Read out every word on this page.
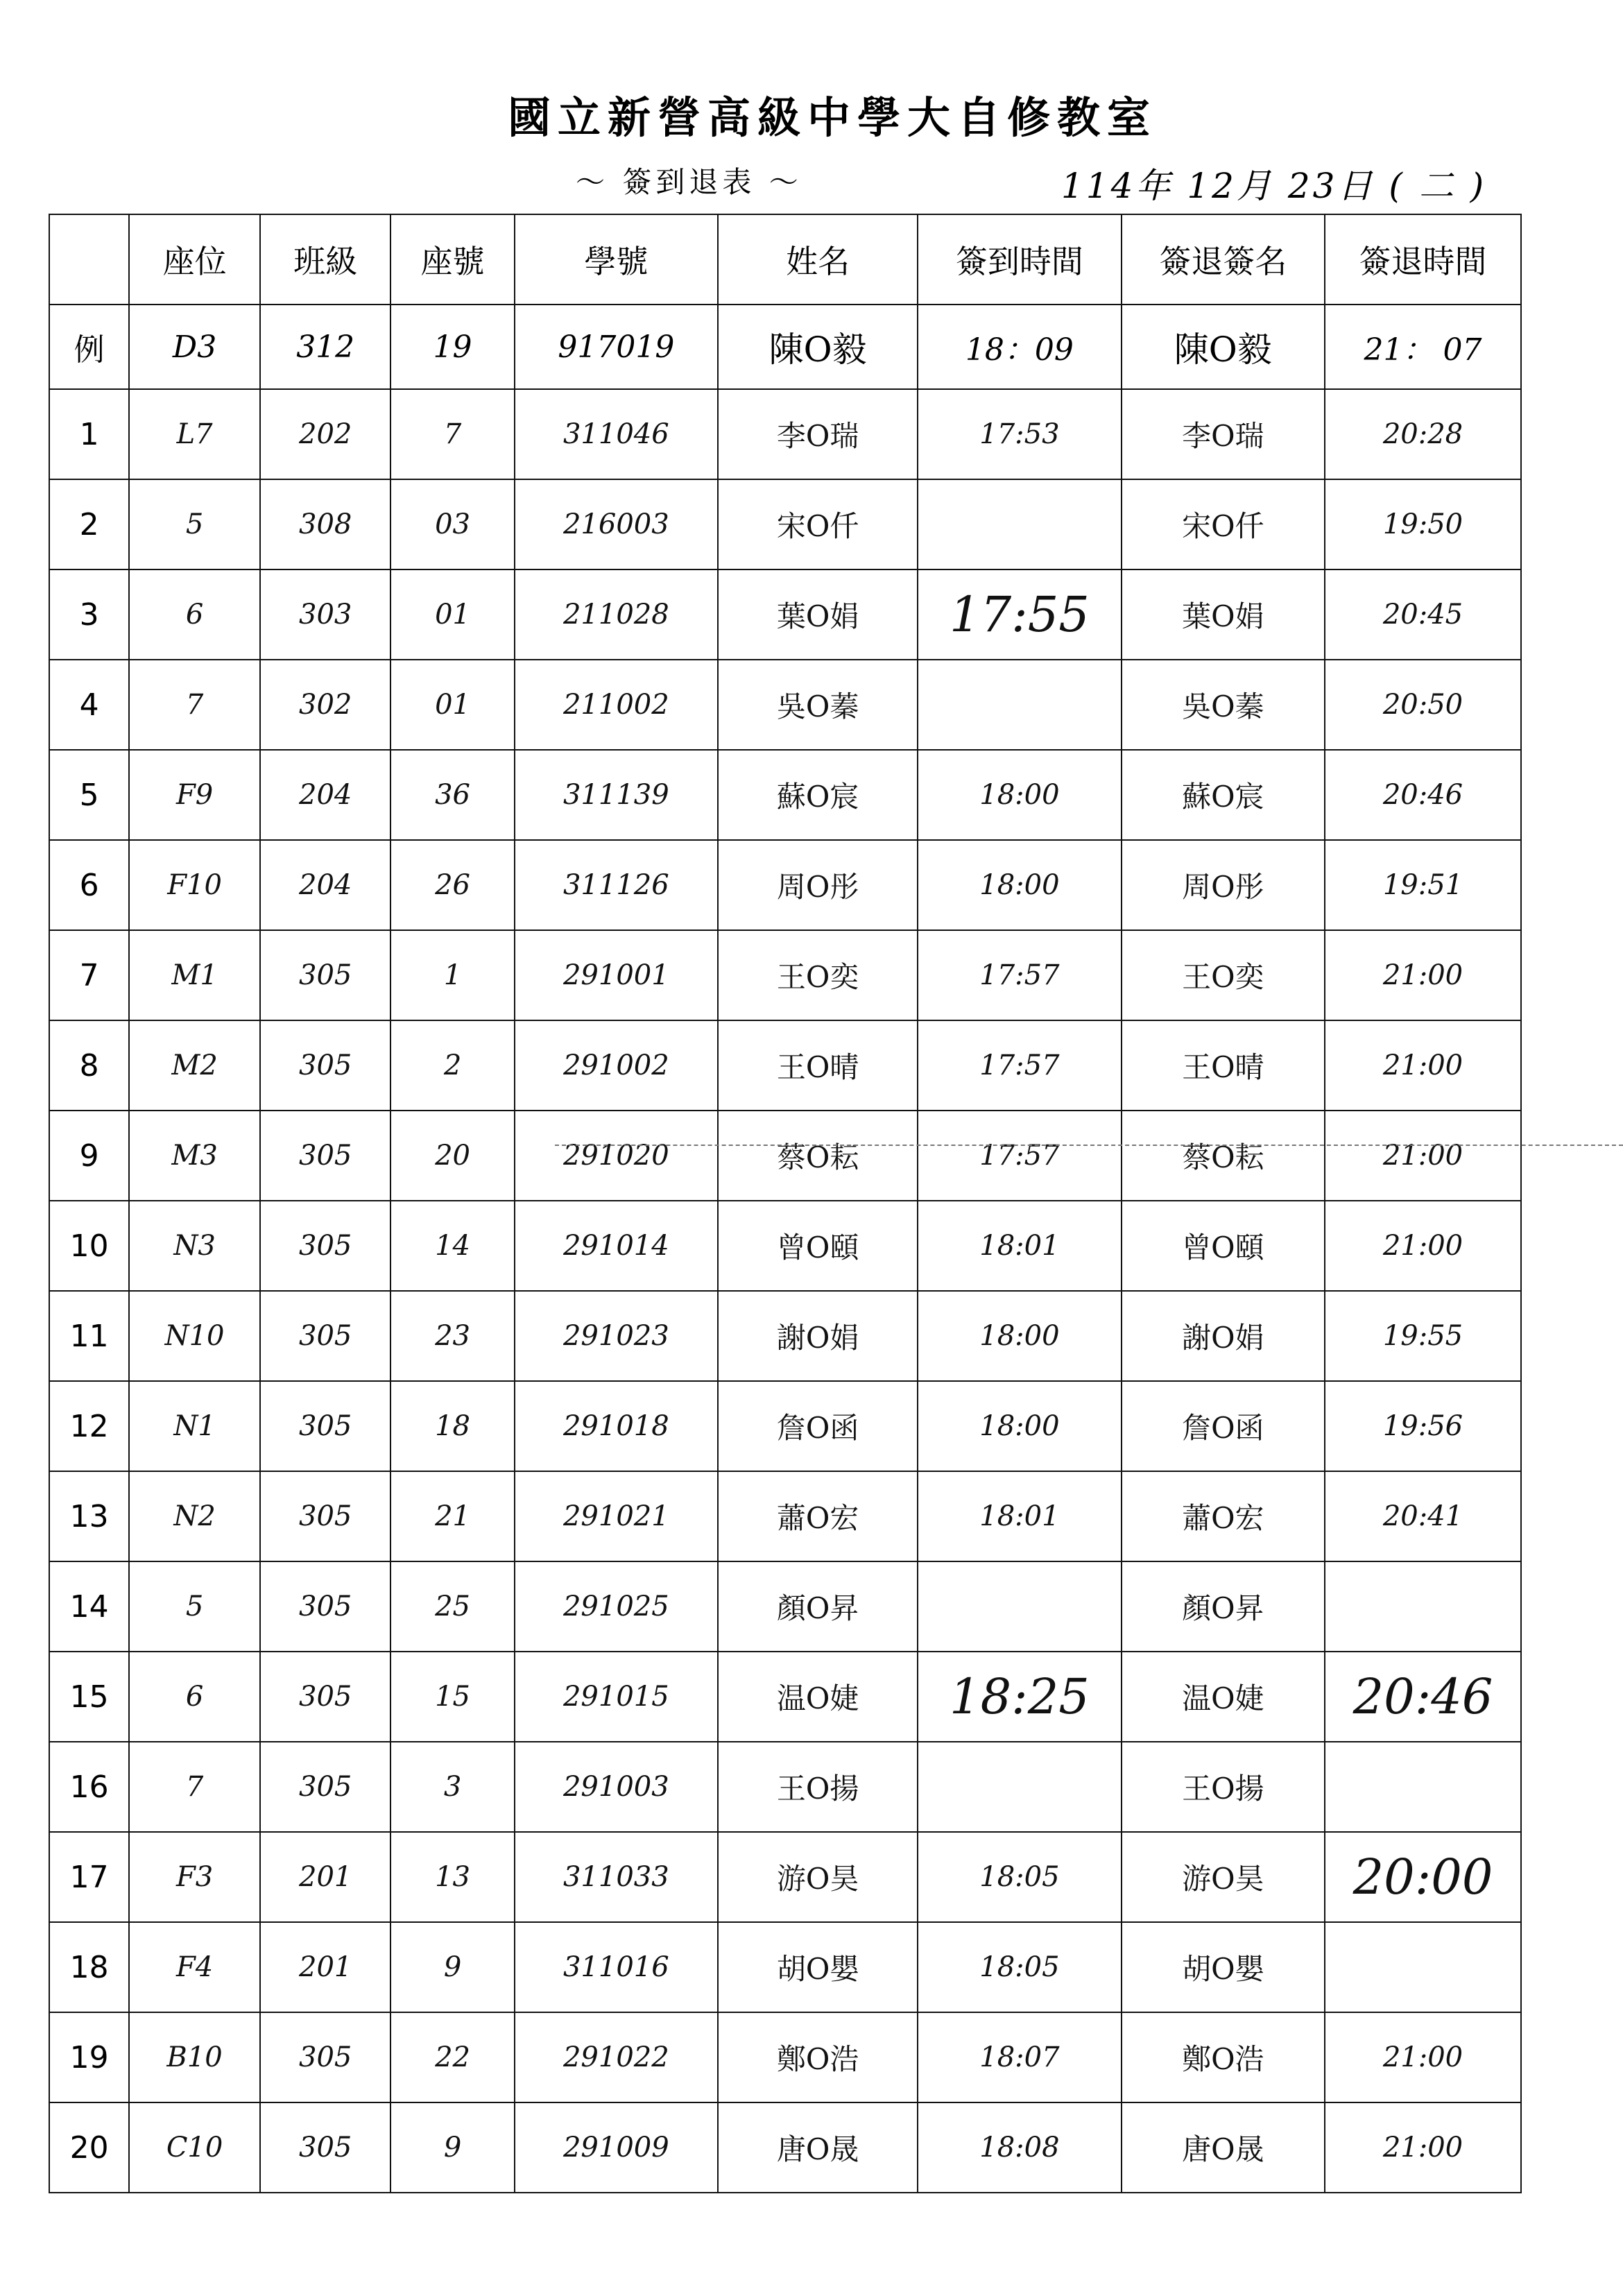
國立新營高級中學大自修教室
～ 簽到退表 ～	114年 12月 23日 ( 二 )
	座位	班級	座號	學號	姓名	簽到時間	簽退簽名	簽退時間
例	D3	312	19	917019	陳O毅	18：09	陳O毅	21： 07
1	L7	202	7	311046	李O瑞	17:53	李O瑞	20:28
2	5	308	03	216003	宋O仟		宋O仟	19:50
3	6	303	01	211028	葉O娟	17:55	葉O娟	20:45
4	7	302	01	211002	吳O蓁		吳O蓁	20:50
5	F9	204	36	311139	蘇O宸	18:00	蘇O宸	20:46
6	F10	204	26	311126	周O彤	18:00	周O彤	19:51
7	M1	305	1	291001	王O奕	17:57	王O奕	21:00
8	M2	305	2	291002	王O晴	17:57	王O晴	21:00
9	M3	305	20	291020	蔡O耘	17:57	蔡O耘	21:00
10	N3	305	14	291014	曾O頤	18:01	曾O頤	21:00
11	N10	305	23	291023	謝O娟	18:00	謝O娟	19:55
12	N1	305	18	291018	詹O函	18:00	詹O函	19:56
13	N2	305	21	291021	蕭O宏	18:01	蕭O宏	20:41
14	5	305	25	291025	顏O昇		顏O昇	
15	6	305	15	291015	温O婕	18:25	温O婕	20:46
16	7	305	3	291003	王O揚		王O揚	
17	F3	201	13	311033	游O昊	18:05	游O昊	20:00
18	F4	201	9	311016	胡O嬰	18:05	胡O嬰	
19	B10	305	22	291022	鄭O浩	18:07	鄭O浩	21:00
20	C10	305	9	291009	唐O晟	18:08	唐O晟	21:00
